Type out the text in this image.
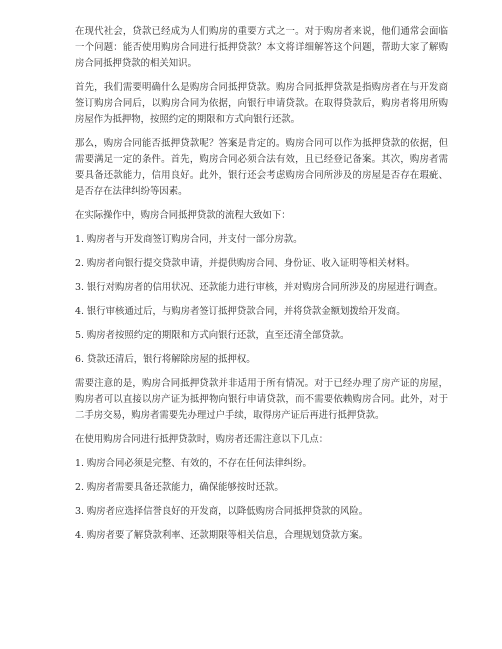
在现代社会，贷款已经成为人们购房的重要方式之一。对于购房者来说，他们通常会面临一个问题：能否使用购房合同进行抵押贷款？本文将详细解答这个问题，帮助大家了解购房合同抵押贷款的相关知识。

首先，我们需要明确什么是购房合同抵押贷款。购房合同抵押贷款是指购房者在与开发商签订购房合同后，以购房合同为依据，向银行申请贷款。在取得贷款后，购房者将用所购房屋作为抵押物，按照约定的期限和方式向银行还款。

那么，购房合同能否抵押贷款呢？答案是肯定的。购房合同可以作为抵押贷款的依据，但需要满足一定的条件。首先，购房合同必须合法有效，且已经登记备案。其次，购房者需要具备还款能力，信用良好。此外，银行还会考虑购房合同所涉及的房屋是否存在瑕疵、是否存在法律纠纷等因素。

在实际操作中，购房合同抵押贷款的流程大致如下：

1. 购房者与开发商签订购房合同，并支付一部分房款。

2. 购房者向银行提交贷款申请，并提供购房合同、身份证、收入证明等相关材料。

3. 银行对购房者的信用状况、还款能力进行审核，并对购房合同所涉及的房屋进行调查。

4. 银行审核通过后，与购房者签订抵押贷款合同，并将贷款金额划拨给开发商。

5. 购房者按照约定的期限和方式向银行还款，直至还清全部贷款。

6. 贷款还清后，银行将解除房屋的抵押权。

需要注意的是，购房合同抵押贷款并非适用于所有情况。对于已经办理了房产证的房屋，购房者可以直接以房产证为抵押物向银行申请贷款，而不需要依赖购房合同。此外，对于二手房交易，购房者需要先办理过户手续，取得房产证后再进行抵押贷款。

在使用购房合同进行抵押贷款时，购房者还需注意以下几点：

1. 购房合同必须是完整、有效的，不存在任何法律纠纷。

2. 购房者需要具备还款能力，确保能够按时还款。

3. 购房者应选择信誉良好的开发商，以降低购房合同抵押贷款的风险。

4. 购房者要了解贷款利率、还款期限等相关信息，合理规划贷款方案。
